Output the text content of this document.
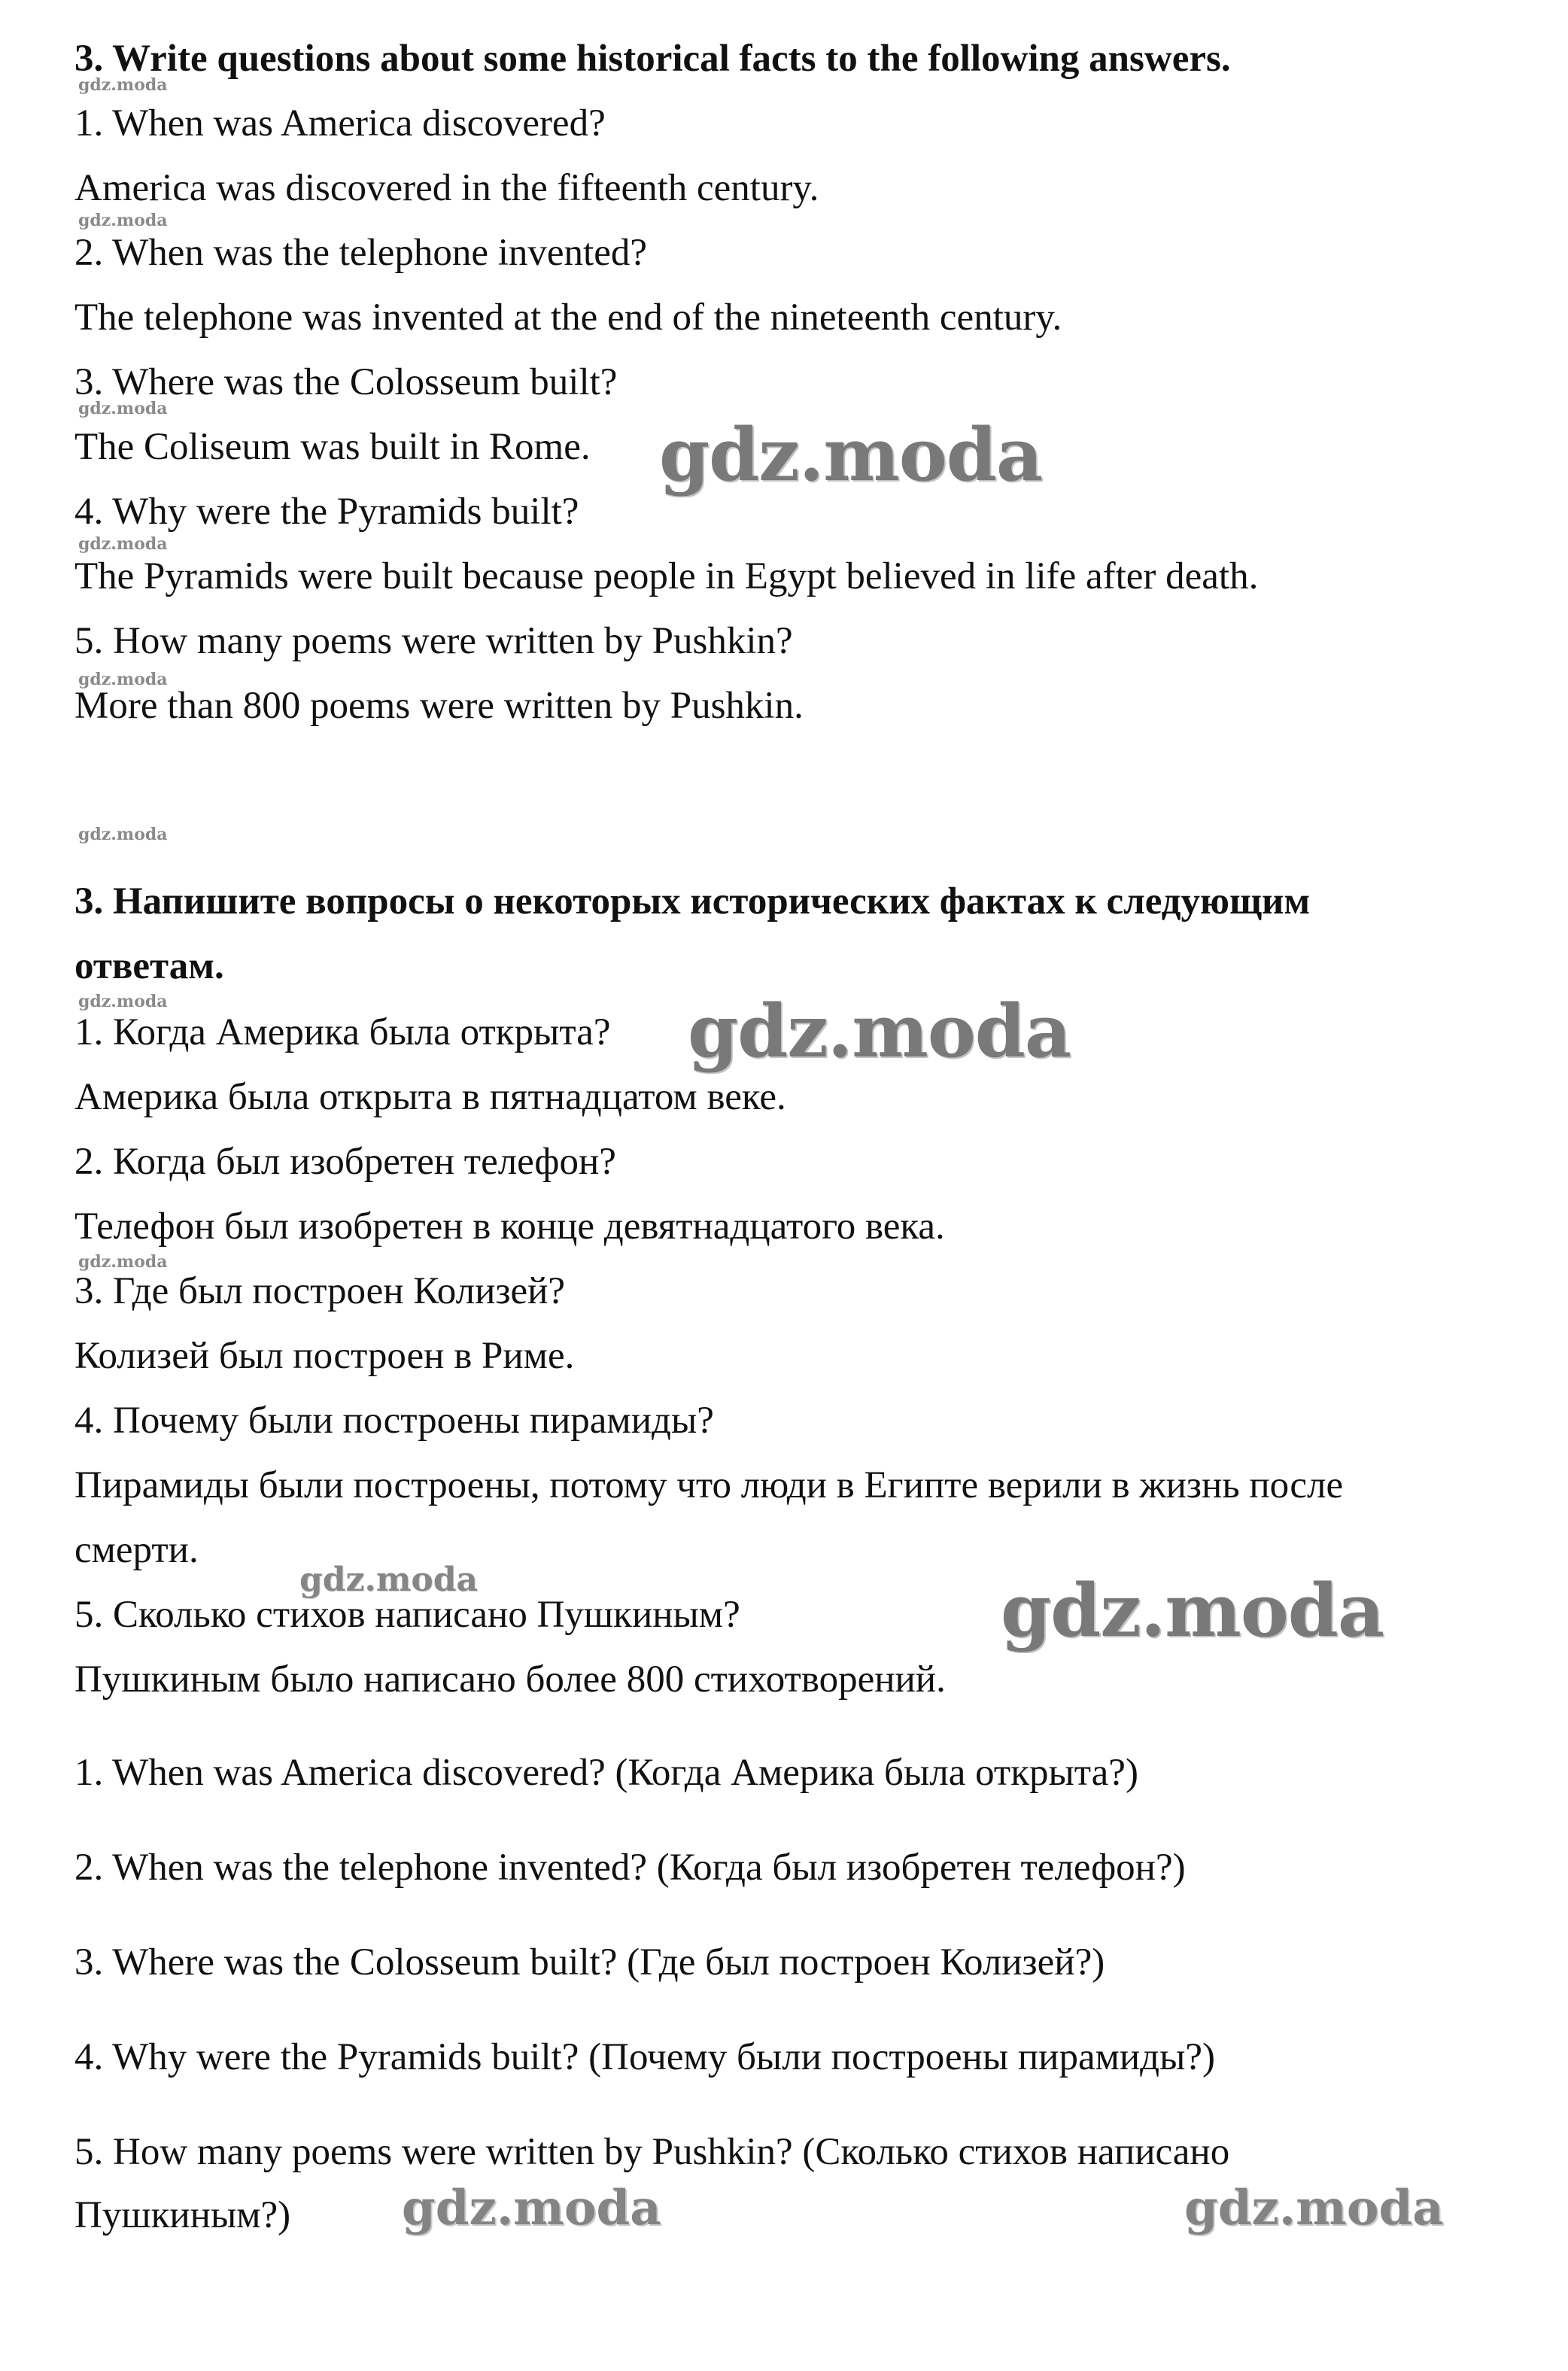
3. Write questions about some historical facts to the following answers.

1. When was America discovered?

America was discovered in the fifteenth century.

2. When was the telephone invented?

The telephone was invented at the end of the nineteenth century.

3. Where was the Colosseum built?

The Coliseum was built in Rome.

4. Why were the Pyramids built?

The Pyramids were built because people in Egypt believed in life after death.

5. How many poems were written by Pushkin?

More than 800 poems were written by Pushkin.

3. Напишите вопросы о некоторых исторических фактах к следующим

ответам.

1. Когда Америка была открыта?

Америка была открыта в пятнадцатом веке.

2. Когда был изобретен телефон?

Телефон был изобретен в конце девятнадцатого века.

3. Где был построен Колизей?

Колизей был построен в Риме.

4. Почему были построены пирамиды?

Пирамиды были построены, потому что люди в Египте верили в жизнь после

смерти.

5. Сколько стихов написано Пушкиным?

Пушкиным было написано более 800 стихотворений.

1. When was America discovered? (Когда Америка была открыта?)

2. When was the telephone invented? (Когда был изобретен телефон?)

3. Where was the Colosseum built? (Где был построен Колизей?)

4. Why were the Pyramids built? (Почему были построены пирамиды?)

5. How many poems were written by Pushkin? (Сколько стихов написано

Пушкиным?)

gdz.moda

gdz.moda

gdz.moda

gdz.moda

gdz.moda

gdz.moda

gdz.moda

gdz.moda

gdz.moda

gdz.moda

gdz.moda

gdz.moda	gdz.moda

gdz.moda
